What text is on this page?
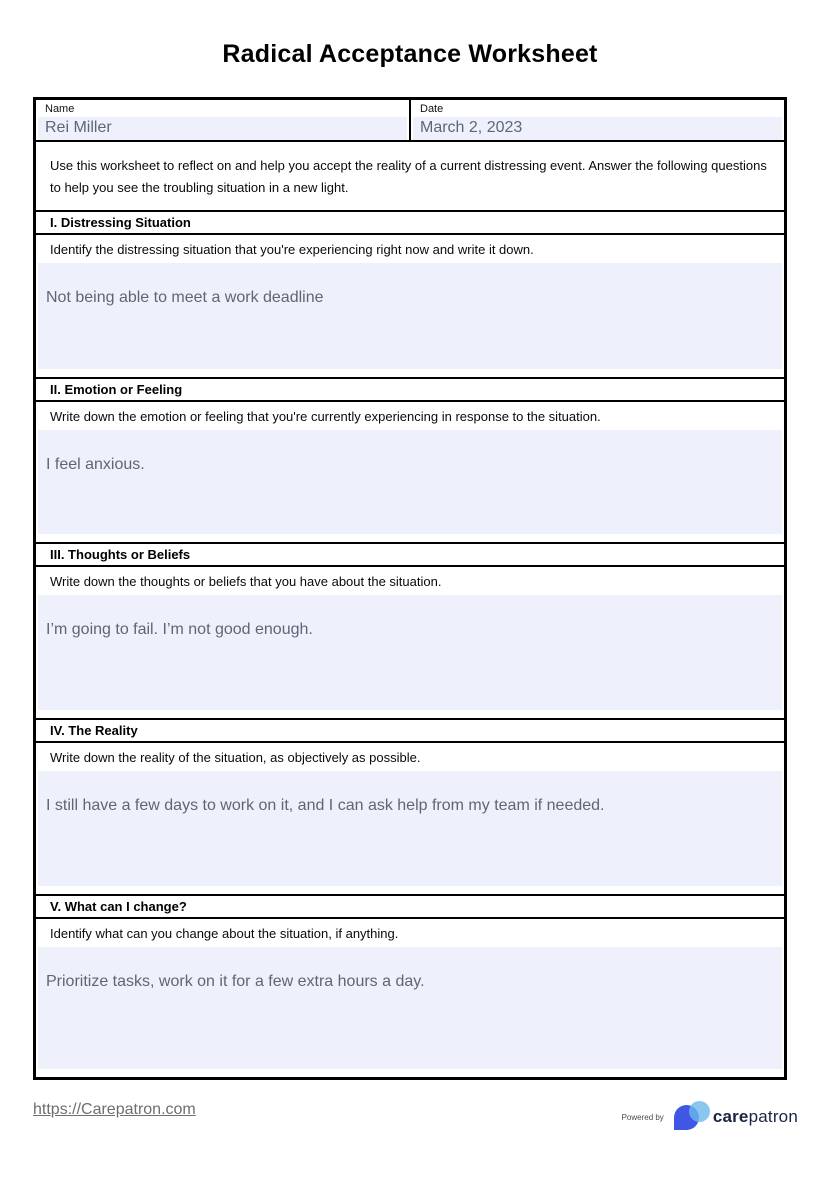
Radical Acceptance Worksheet
Name
Rei Miller
Date
March 2, 2023

Use this worksheet to reflect on and help you accept the reality of a current distressing event. Answer the following questions to help you see the troubling situation in a new light.

I. Distressing Situation

Identify the distressing situation that you're experiencing right now and write it down.

Not being able to meet a work deadline
II. Emotion or Feeling

Write down the emotion or feeling that you're currently experiencing in response to the situation.

I feel anxious.
III. Thoughts or Beliefs

Write down the thoughts or beliefs that you have about the situation.

I’m going to fail. I’m not good enough.
IV. The Reality

Write down the reality of the situation, as objectively as possible.

I still have a few days to work on it, and I can ask help from my team if needed.
V. What can I change?

Identify what can you change about the situation, if anything.

Prioritize tasks, work on it for a few extra hours a day.
https://Carepatron.com	Powered by	carepatron
